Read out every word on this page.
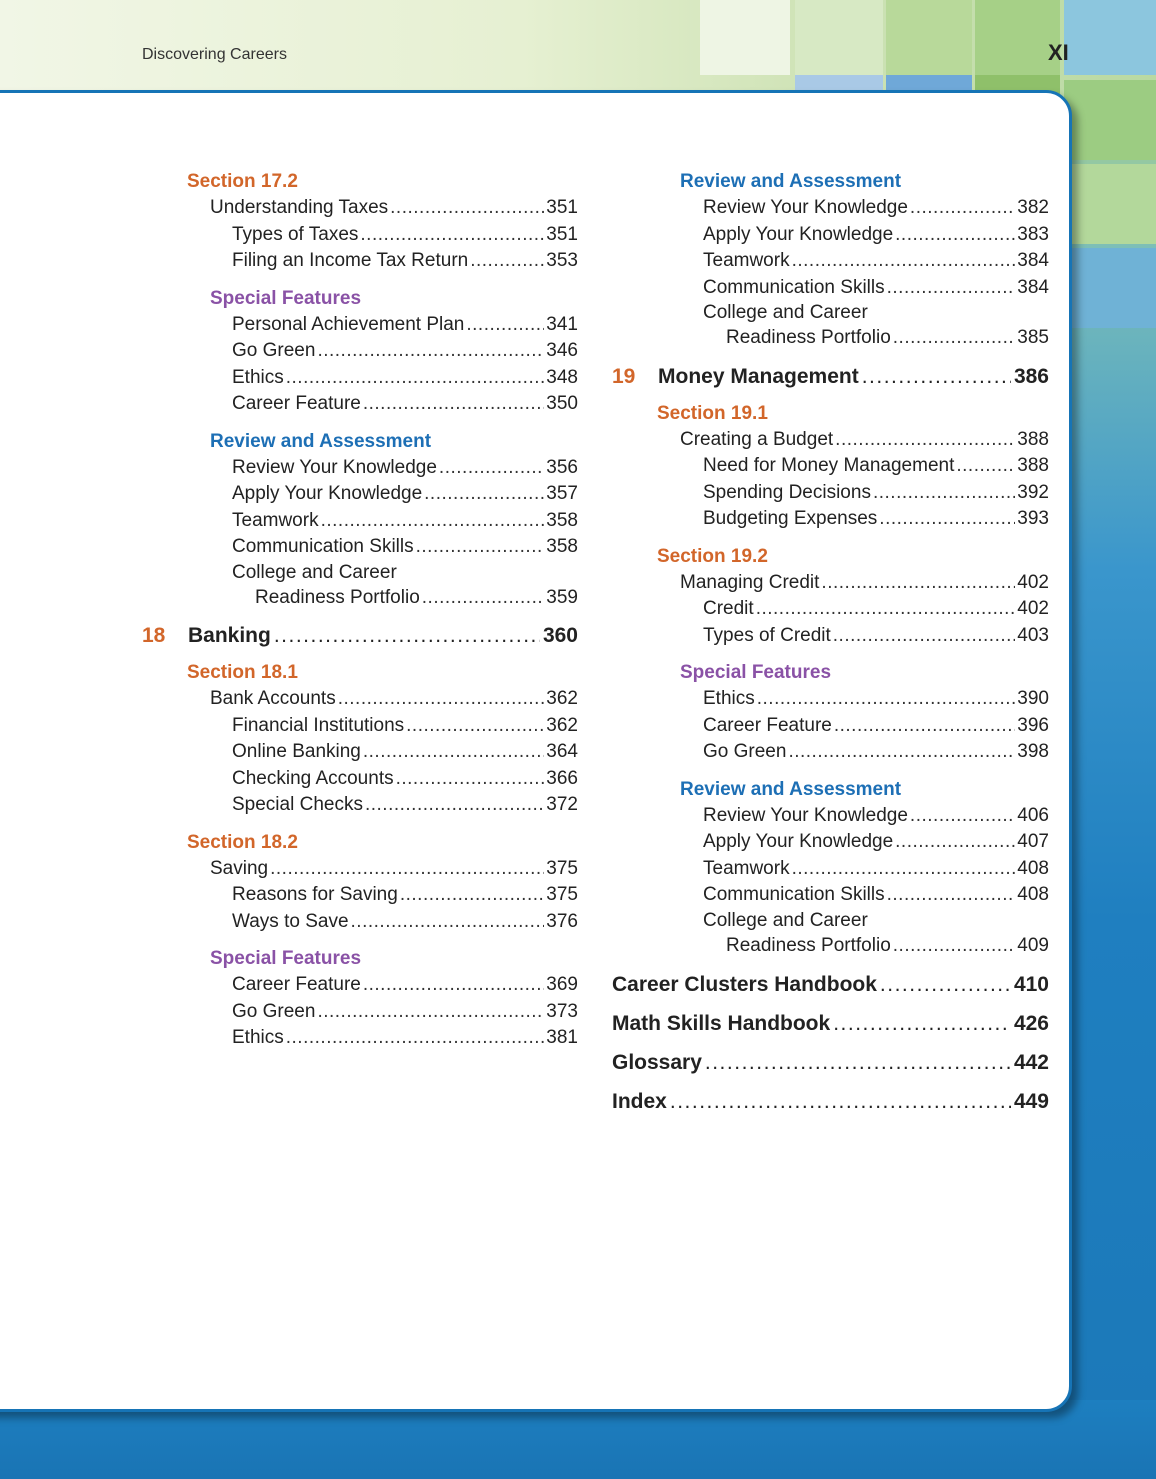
Discovering Careers	XI
Section 17.2
Understanding Taxes .....	351
Types of Taxes .....	351
Filing an Income Tax Return .....	353
Special Features
Personal Achievement Plan .....	341
Go Green .....	346
Ethics .....	348
Career Feature .....	350
Review and Assessment
Review Your Knowledge .....	356
Apply Your Knowledge .....	357
Teamwork .....	358
Communication Skills .....	358
College and Career
Readiness Portfolio .....	359
18	Banking .....	360
Section 18.1
Bank Accounts .....	362
Financial Institutions .....	362
Online Banking .....	364
Checking Accounts .....	366
Special Checks .....	372
Section 18.2
Saving .....	375
Reasons for Saving .....	375
Ways to Save .....	376
Special Features
Career Feature .....	369
Go Green .....	373
Ethics .....	381
Review and Assessment
Review Your Knowledge .....	382
Apply Your Knowledge .....	383
Teamwork .....	384
Communication Skills .....	384
College and Career
Readiness Portfolio .....	385
19	Money Management .....	386
Section 19.1
Creating a Budget .....	388
Need for Money Management .....	388
Spending Decisions .....	392
Budgeting Expenses .....	393
Section 19.2
Managing Credit .....	402
Credit .....	402
Types of Credit .....	403
Special Features
Ethics .....	390
Career Feature .....	396
Go Green .....	398
Review and Assessment
Review Your Knowledge .....	406
Apply Your Knowledge .....	407
Teamwork .....	408
Communication Skills .....	408
College and Career
Readiness Portfolio .....	409
Career Clusters Handbook .....	410
Math Skills Handbook .....	426
Glossary .....	442
Index .....	449
